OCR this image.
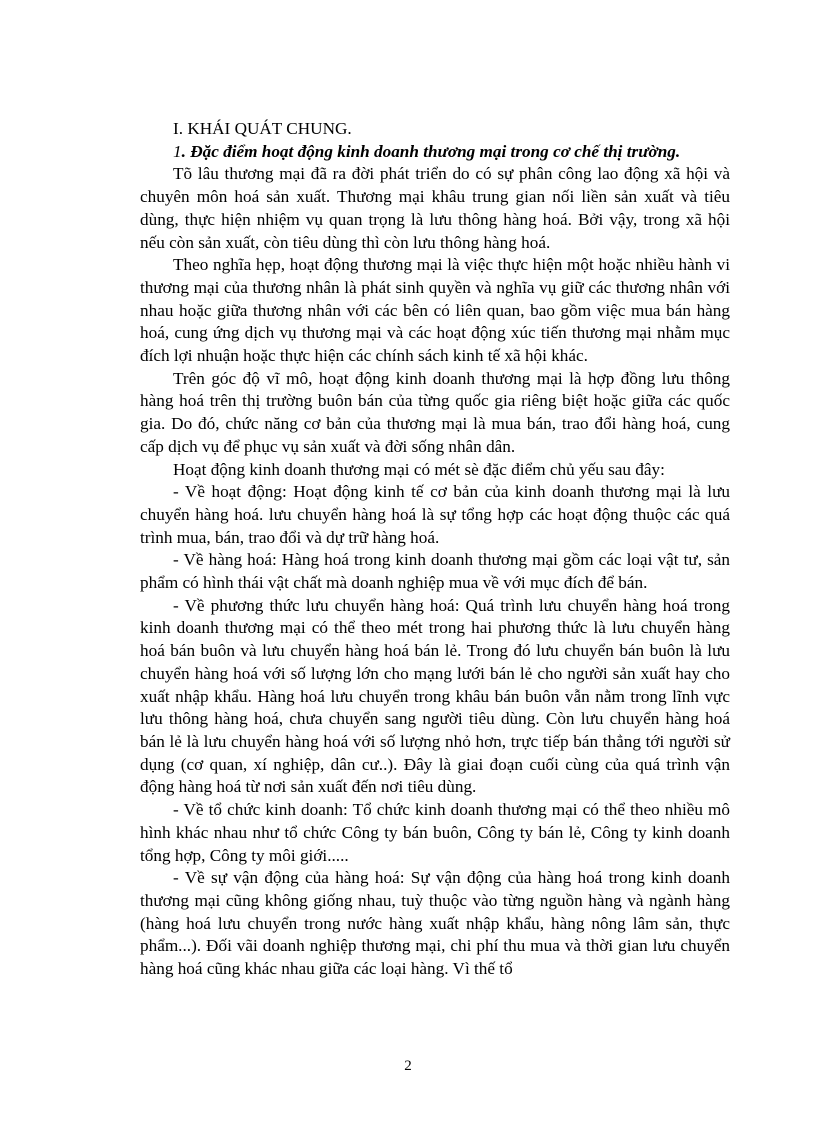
I. KHÁI QUÁT CHUNG.

1. Đặc điểm hoạt động kinh doanh thương mại trong cơ chế thị trường.

Tõ lâu thương mại đã ra đời phát triển do có sự phân công lao động xã hội và chuyên môn hoá sản xuất. Thương mại khâu trung gian nối liền sản xuất và tiêu dùng, thực hiện nhiệm vụ quan trọng là lưu thông hàng hoá. Bởi vậy, trong xã hội nếu còn sản xuất, còn tiêu dùng thì còn lưu thông hàng hoá.

Theo nghĩa hẹp, hoạt động thương mại là việc thực hiện một hoặc nhiều hành vi thương mại của thương nhân là phát sinh quyền và nghĩa vụ giữ các thương nhân với nhau hoặc giữa thương nhân với các bên có liên quan, bao gồm việc mua bán hàng hoá, cung ứng dịch vụ thương mại và các hoạt động xúc tiến thương mại nhằm mục đích lợi nhuận hoặc thực hiện các chính sách kinh tế xã hội khác.

Trên góc độ vĩ mô, hoạt động kinh doanh thương mại là hợp đồng lưu thông hàng hoá trên thị trường buôn bán của từng quốc gia riêng biệt hoặc giữa các quốc gia. Do đó, chức năng cơ bản của thương mại là mua bán, trao đổi hàng hoá, cung cấp dịch vụ để phục vụ sản xuất và đời sống nhân dân.

Hoạt động kinh doanh thương mại có mét sè đặc điểm chủ yếu sau đây:

- Về hoạt động: Hoạt động kinh tế cơ bản của kinh doanh thương mại là lưu chuyển hàng hoá. lưu chuyển hàng hoá là sự tổng hợp các hoạt động thuộc các quá trình mua, bán, trao đổi và dự trữ hàng hoá.

- Về hàng hoá: Hàng hoá trong kinh doanh thương mại gồm các loại vật tư, sản phẩm có hình thái vật chất mà doanh nghiệp mua về với mục đích để bán.

- Về phương thức lưu chuyển hàng hoá: Quá trình lưu chuyển hàng hoá trong kinh doanh thương mại có thể theo mét trong hai phương thức là lưu chuyển hàng hoá bán buôn và lưu chuyển hàng hoá bán lẻ. Trong đó lưu chuyển bán buôn là lưu chuyển hàng hoá với số lượng lớn cho mạng lưới bán lẻ cho người sản xuất hay cho xuất nhập khẩu. Hàng hoá lưu chuyển trong khâu bán buôn vẫn nằm trong lĩnh vực lưu thông hàng hoá, chưa chuyển sang người tiêu dùng. Còn lưu chuyển hàng hoá bán lẻ là lưu chuyển hàng hoá với số lượng nhỏ hơn, trực tiếp bán thẳng tới người sử dụng (cơ quan, xí nghiệp, dân cư..). Đây là giai đoạn cuối cùng của quá trình vận động hàng hoá từ nơi sản xuất đến nơi tiêu dùng.

- Về tổ chức kinh doanh: Tổ chức kinh doanh thương mại có thể theo nhiều mô hình khác nhau như tổ chức Công ty bán buôn, Công ty bán lẻ, Công ty kinh doanh tổng hợp, Công ty môi giới.....

- Về sự vận động của hàng hoá: Sự vận động của hàng hoá trong kinh doanh thương mại cũng không giống nhau, tuỳ thuộc vào từng nguồn hàng và ngành hàng (hàng hoá lưu chuyển trong nước hàng xuất nhập khẩu, hàng nông lâm sản, thực phẩm...). Đối vãi doanh nghiệp thương mại, chi phí thu mua và thời gian lưu chuyển hàng hoá cũng khác nhau giữa các loại hàng. Vì thế tổ

2
